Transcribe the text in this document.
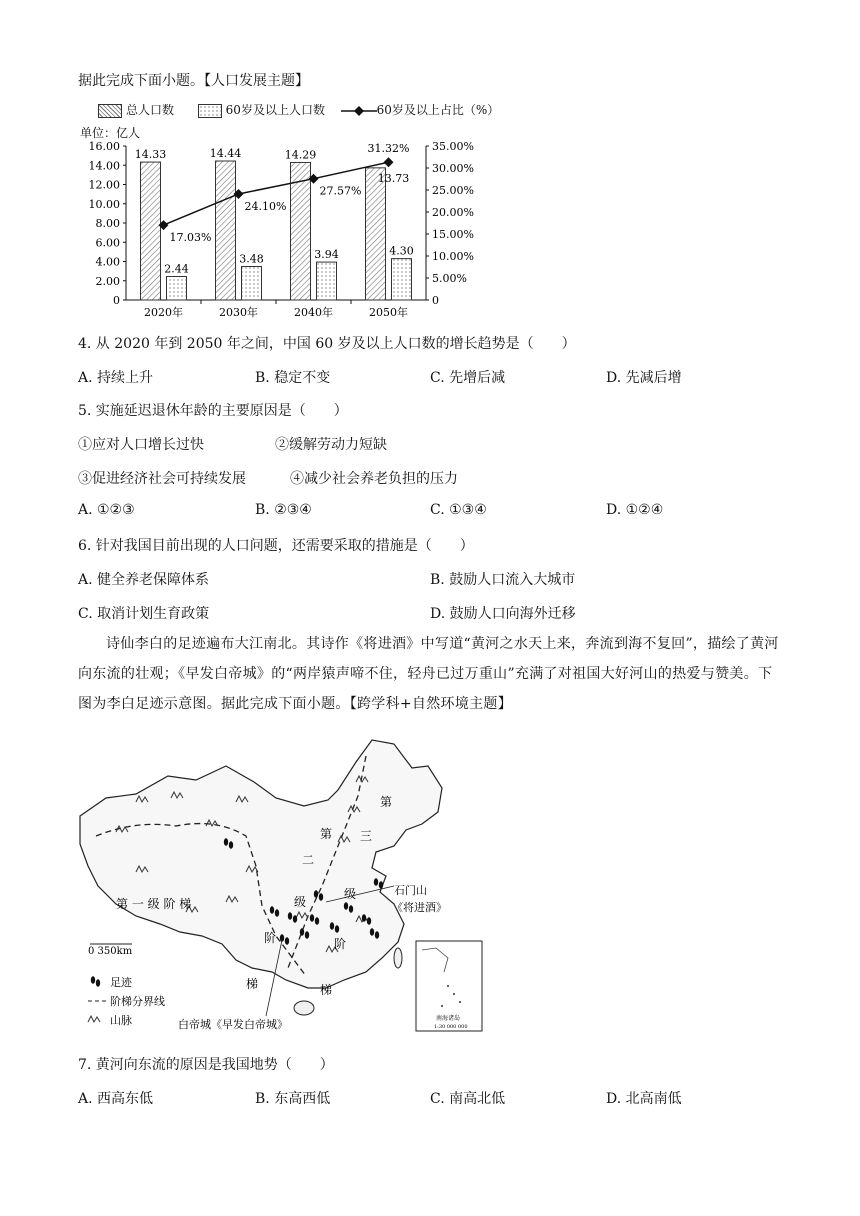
据此完成下面小题。【人口发展主题】
总人口数	60岁及以上人口数	60岁及以上占比（%）
单位：亿人
0
2.00
4.00
6.00
8.00
10.00
12.00
14.00
16.00
0
5.00%
10.00%
15.00%
20.00%
25.00%
30.00%
35.00%
2020年
14.33
2.44
2030年
14.44
3.48
2040年
14.29
3.94
2050年
13.73
4.30
17.03%
24.10%
27.57%
31.32%
4. 从 2020 年到 2050 年之间，中国 60 岁及以上人口数的增长趋势是（　　）
A. 持续上升	B. 稳定不变	C. 先增后减	D. 先减后增
5. 实施延迟退休年龄的主要原因是（　　）
①应对人口增长过快	②缓解劳动力短缺
③促进经济社会可持续发展	④减少社会养老负担的压力
A. ①②③	B. ②③④	C. ①③④	D. ①②④
6. 针对我国目前出现的人口问题，还需要采取的措施是（　　）
A. 健全养老保障体系	B. 鼓励人口流入大城市
C. 取消计划生育政策	D. 鼓励人口向海外迁移
诗仙李白的足迹遍布大江南北。其诗作《将进酒》中写道“黄河之水天上来，奔流到海不复回”，描绘了黄河向东流的壮观；《早发白帝城》的“两岸猿声啼不住，轻舟已过万重山”充满了对祖国大好河山的热爱与赞美。下图为李白足迹示意图。据此完成下面小题。【跨学科+自然环境主题】
第 一 级 阶 梯
第
二
级
阶
梯
第
三
级
阶
梯
石门山
《将进酒》
白帝城《早发白帝城》
0 350km
足迹
阶梯分界线
山脉	南海诸岛
1:30 000 000
7. 黄河向东流的原因是我国地势（　　）
A. 西高东低	B. 东高西低	C. 南高北低	D. 北高南低
